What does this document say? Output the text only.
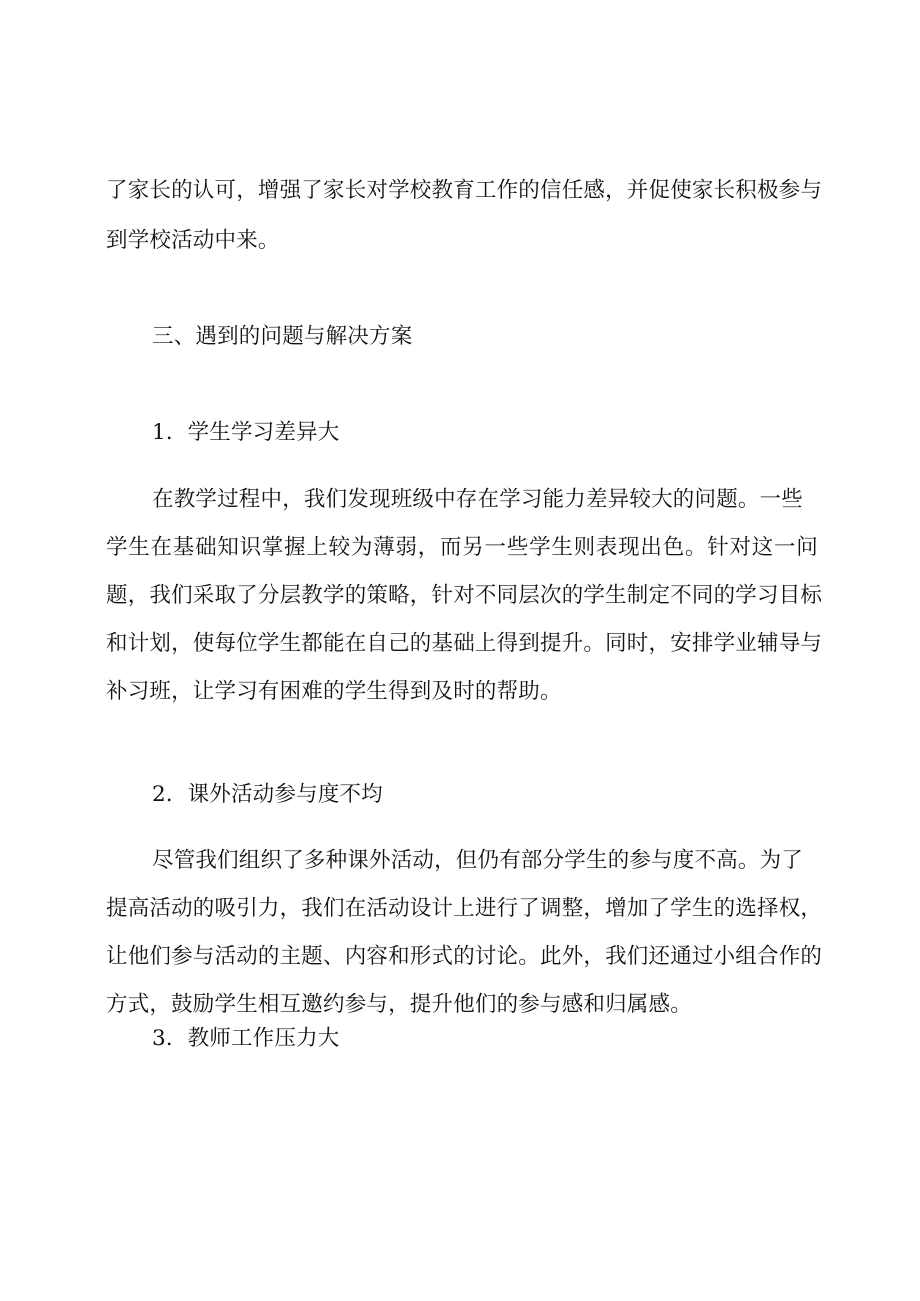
了家长的认可，增强了家长对学校教育工作的信任感，并促使家长积极参与
到学校活动中来。
三、遇到的问题与解决方案
1．学生学习差异大
在教学过程中，我们发现班级中存在学习能力差异较大的问题。一些
学生在基础知识掌握上较为薄弱，而另一些学生则表现出色。针对这一问
题，我们采取了分层教学的策略，针对不同层次的学生制定不同的学习目标
和计划，使每位学生都能在自己的基础上得到提升。同时，安排学业辅导与
补习班，让学习有困难的学生得到及时的帮助。
2．课外活动参与度不均
尽管我们组织了多种课外活动，但仍有部分学生的参与度不高。为了
提高活动的吸引力，我们在活动设计上进行了调整，增加了学生的选择权，
让他们参与活动的主题、内容和形式的讨论。此外，我们还通过小组合作的
方式，鼓励学生相互邀约参与，提升他们的参与感和归属感。
3．教师工作压力大
